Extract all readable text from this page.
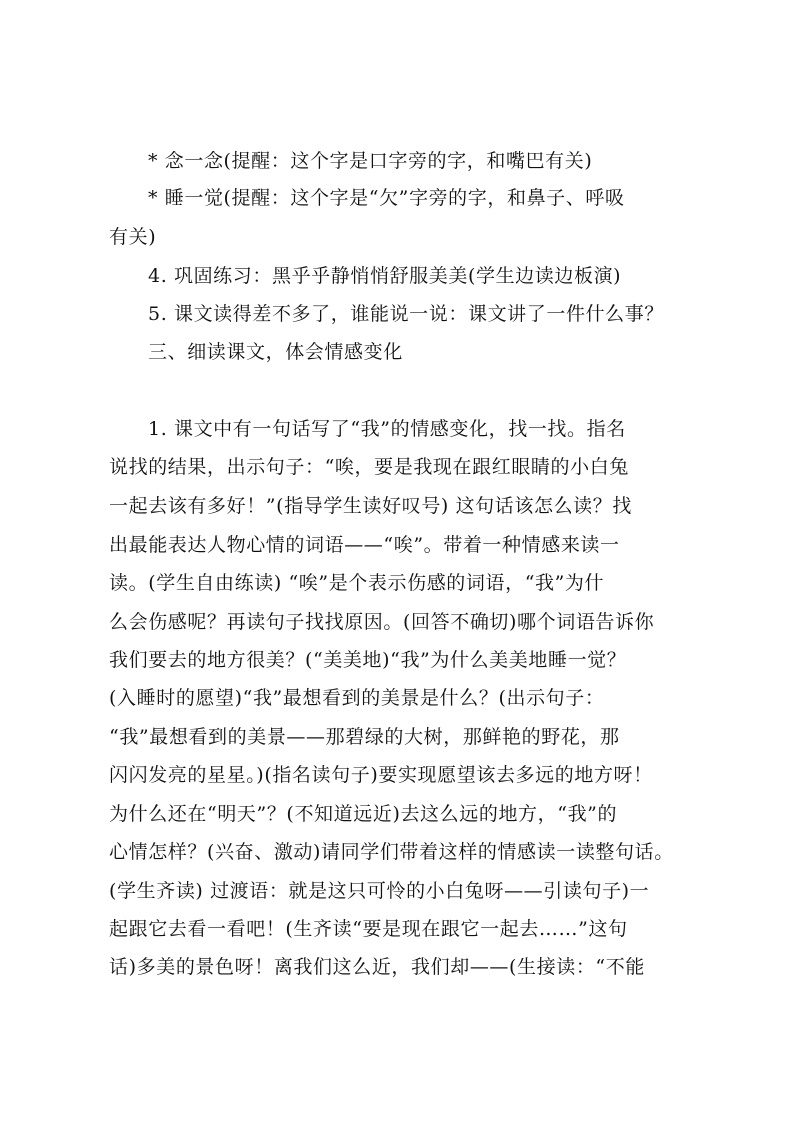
* 念一念(提醒：这个字是口字旁的字，和嘴巴有关)
* 睡一觉(提醒：这个字是“欠”字旁的字，和鼻子、呼吸
有关)
4. 巩固练习：黑乎乎静悄悄舒服美美(学生边读边板演)
5. 课文读得差不多了，谁能说一说：课文讲了一件什么事？
三、细读课文，体会情感变化
1. 课文中有一句话写了“我”的情感变化，找一找。指名
说找的结果，出示句子：“唉，要是我现在跟红眼睛的小白兔
一起去该有多好！”(指导学生读好叹号) 这句话该怎么读？找
出最能表达人物心情的词语——“唉”。带着一种情感来读一
读。(学生自由练读) “唉”是个表示伤感的词语，“我”为什
么会伤感呢？再读句子找找原因。(回答不确切)哪个词语告诉你
我们要去的地方很美？(“美美地)“我”为什么美美地睡一觉？
(入睡时的愿望)“我”最想看到的美景是什么？(出示句子：
“我”最想看到的美景——那碧绿的大树，那鲜艳的野花，那
闪闪发亮的星星。)(指名读句子)要实现愿望该去多远的地方呀！
为什么还在“明天”？(不知道远近)去这么远的地方，“我”的
心情怎样？(兴奋、激动)请同学们带着这样的情感读一读整句话。
(学生齐读) 过渡语：就是这只可怜的小白兔呀——引读句子)一
起跟它去看一看吧！(生齐读“要是现在跟它一起去……”这句
话)多美的景色呀！离我们这么近，我们却——(生接读：“不能
